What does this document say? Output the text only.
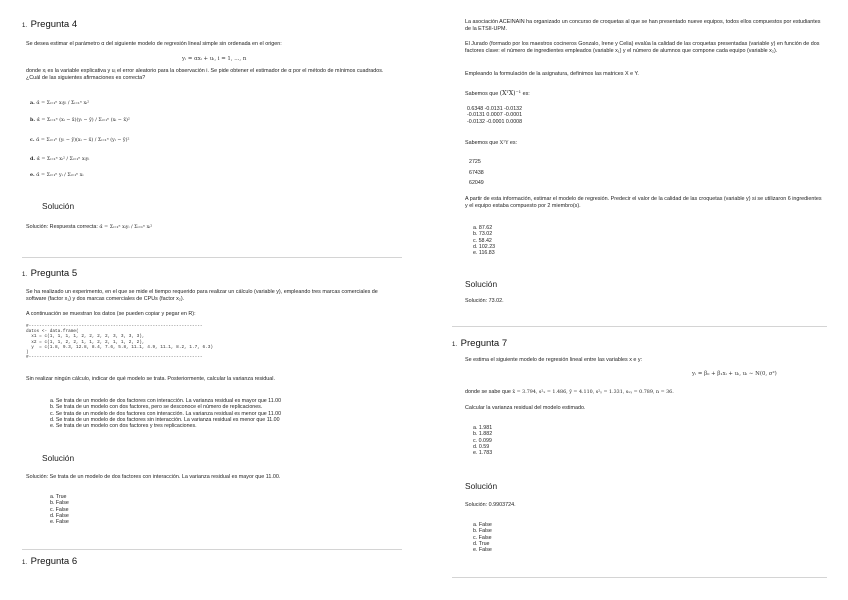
1. Pregunta 4
Se desea estimar el parámetro α del siguiente modelo de regresión lineal simple sin ordenada en el origen:
yᵢ = αxᵢ + uᵢ, i = 1, ..., n
donde xᵢ es la variable explicativa y uᵢ el error aleatorio para la observación i. Se pide obtener el estimador de α por el método de mínimos cuadrados. ¿Cuál de las siguientes afirmaciones es correcta?
a. α̂ = Σᵢ₌₁ⁿ xᵢyᵢ / Σᵢ₌₁ⁿ xᵢ²
b. α̂ = Σᵢ₌₁ⁿ (xᵢ − x̄)(yᵢ − ȳ) / Σᵢ₌₁ⁿ (xᵢ − x̄)²
c. α̂ = Σᵢ₌₁ⁿ (yᵢ − ȳ)(xᵢ − x̄) / Σᵢ₌₁ⁿ (yᵢ − ȳ)²
d. α̂ = Σᵢ₌₁ⁿ xᵢ² / Σᵢ₌₁ⁿ xᵢyᵢ
e. α̂ = Σᵢ₌₁ⁿ yᵢ / Σᵢ₌₁ⁿ xᵢ
Solución
Solución: Respuesta correcta: α̂ = Σᵢ₌₁ⁿ xᵢyᵢ / Σᵢ₌₁ⁿ xᵢ²
1. Pregunta 5
Se ha realizado un experimento, en el que se mide el tiempo requerido para realizar un cálculo (variable y), empleando tres marcas comerciales de software (factor x₁) y dos marcas comerciales de CPUs (factor x₂).
A continuación se muestran los datos (se pueden copiar y pegar en R):
#------------------------------------------------------------------
datos <- data.frame(
x1 = c(1, 1, 1, 1, 2, 2, 2, 2, 3, 3, 3, 3),
x2 = c(1, 1, 2, 2, 1, 1, 2, 2, 1, 1, 2, 2),
y  = c(1.8, 9.3, 12.8, 8.4, 7.6, 5.8, 11.1, 4.9, 11.1, 8.2, 1.7, 6.3)
)
#------------------------------------------------------------------
Sin realizar ningún cálculo, indicar de qué modelo se trata. Posteriormente, calcular la varianza residual.
a. Se trata de un modelo de dos factores con interacción. La varianza residual es mayor que 11.00
b. Se trata de un modelo con dos factores, pero se desconoce el número de replicaciones.
c. Se trata de un modelo de dos factores con interacción. La varianza residual es menor que 11.00
d. Se trata de un modelo de dos factores sin interacción. La varianza residual es menor que 11.00
e. Se trata de un modelo con dos factores y tres replicaciones.
Solución
Solución: Se trata de un modelo de dos factores con interacción. La varianza residual es mayor que 11.00.
a. True
b. False
c. False
d. False
e. False
1. Pregunta 6
La asociación ACEINAIN ha organizado un concurso de croquetas al que se han presentado nueve equipos, todos ellos compuestos por estudiantes de la ETSII-UPM.
El Jurado (formado por los maestros cocineros Gonzalo, Irene y Celia) evalúa la calidad de las croquetas presentadas (variable y) en función de dos factores clave: el número de ingredientes empleados (variable x₁) y el número de alumnos que compone cada equipo (variable x₂).
Empleando la formulación de la asignatura, definimos las matrices X e Y.
Sabemos que (XᵀX)⁻¹ es:
0.6348 -0.0131 -0.0132
-0.0131 0.0007 -0.0001
-0.0132 -0.0001 0.0008
Sabemos que XᵀY es:
2725
67438
62049
A partir de esta información, estimar el modelo de regresión. Predecir el valor de la calidad de las croquetas (variable y) si se utilizaron 6 ingredientes y el equipo estaba compuesto por 2 miembro(s).
a. 87.62
b. 73.02
c. 58.42
d. 102.23
e. 116.83
Solución
Solución: 73.02.
1. Pregunta 7
Se estima el siguiente modelo de regresión lineal entre las variables x e y:
yᵢ = β₀ + β₁xᵢ + uᵢ, uᵢ ∼ N(0, σ²)
donde se sabe que x̄ = 3.794, s²ₓ = 1.486, ȳ = 4.110, s²ᵧ = 1.331, sₓᵧ = 0.789, n = 36.
Calcular la varianza residual del modelo estimado.
a. 1.981
b. 1.882
c. 0.099
d. 0.59
e. 1.783
Solución
Solución: 0.9903724.
a. False
b. False
c. False
d. True
e. False
